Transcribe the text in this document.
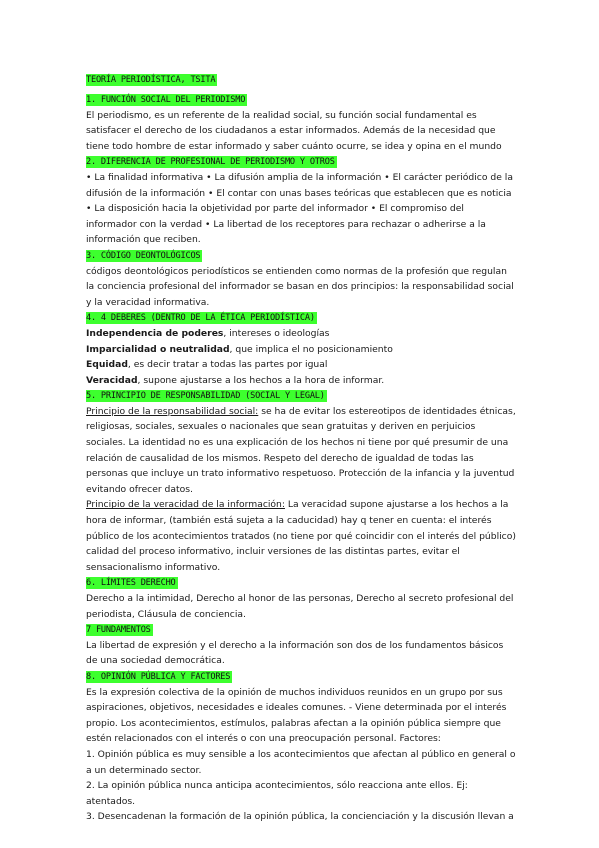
TEORÍA PERIODÍSTICA, TSITA
1. FUNCIÓN SOCIAL DEL PERIODISMO

El periodismo, es un referente de la realidad social, su función social fundamental es satisfacer el derecho de los ciudadanos a estar informados. Además de la necesidad que tiene todo hombre de estar informado y saber cuánto ocurre, se idea y opina en el mundo

2. DIFERENCIA DE PROFESIONAL DE PERIODISMO Y OTROS

• La finalidad informativa • La difusión amplia de la información • El carácter periódico de la difusión de la información • El contar con unas bases teóricas que establecen que es noticia • La disposición hacia la objetividad por parte del informador • El compromiso del informador con la verdad • La libertad de los receptores para rechazar o adherirse a la información que reciben.

3. CÓDIGO DEONTOLÓGICOS

códigos deontológicos periodísticos se entienden como normas de la profesión que regulan la conciencia profesional del informador se basan en dos principios: la responsabilidad social y la veracidad informativa.

4. 4 DEBERES (DENTRO DE LA ÉTICA PERIODÍSTICA)

Independencia de poderes, intereses o ideologías

Imparcialidad o neutralidad, que implica el no posicionamiento

Equidad, es decir tratar a todas las partes por igual

Veracidad, supone ajustarse a los hechos a la hora de informar.

5. PRINCIPIO DE RESPONSABILIDAD (SOCIAL Y LEGAL)

Principio de la responsabilidad social: se ha de evitar los estereotipos de identidades étnicas, religiosas, sociales, sexuales o nacionales que sean gratuitas y deriven en perjuicios sociales. La identidad no es una explicación de los hechos ni tiene por qué presumir de una relación de causalidad de los mismos. Respeto del derecho de igualdad de todas las personas que incluye un trato informativo respetuoso. Protección de la infancia y la juventud evitando ofrecer datos.

Principio de la veracidad de la información: La veracidad supone ajustarse a los hechos a la hora de informar, (también está sujeta a la caducidad) hay q tener en cuenta: el interés público de los acontecimientos tratados (no tiene por qué coincidir con el interés del público) calidad del proceso informativo, incluir versiones de las distintas partes, evitar el sensacionalismo informativo.

6. LÍMITES DERECHO

Derecho a la intimidad, Derecho al honor de las personas, Derecho al secreto profesional del periodista, Cláusula de conciencia.

7 FUNDAMENTOS

La libertad de expresión y el derecho a la información son dos de los fundamentos básicos de una sociedad democrática.

8. OPINIÓN PÚBLICA Y FACTORES

Es la expresión colectiva de la opinión de muchos individuos reunidos en un grupo por sus aspiraciones, objetivos, necesidades e ideales comunes. - Viene determinada por el interés propio. Los acontecimientos, estímulos, palabras afectan a la opinión pública siempre que estén relacionados con el interés o con una preocupación personal. Factores:

1. Opinión pública es muy sensible a los acontecimientos que afectan al público en general o a un determinado sector.

2. La opinión pública nunca anticipa acontecimientos, sólo reacciona ante ellos. Ej: atentados.

3. Desencadenan la formación de la opinión pública, la concienciación y la discusión llevan a
